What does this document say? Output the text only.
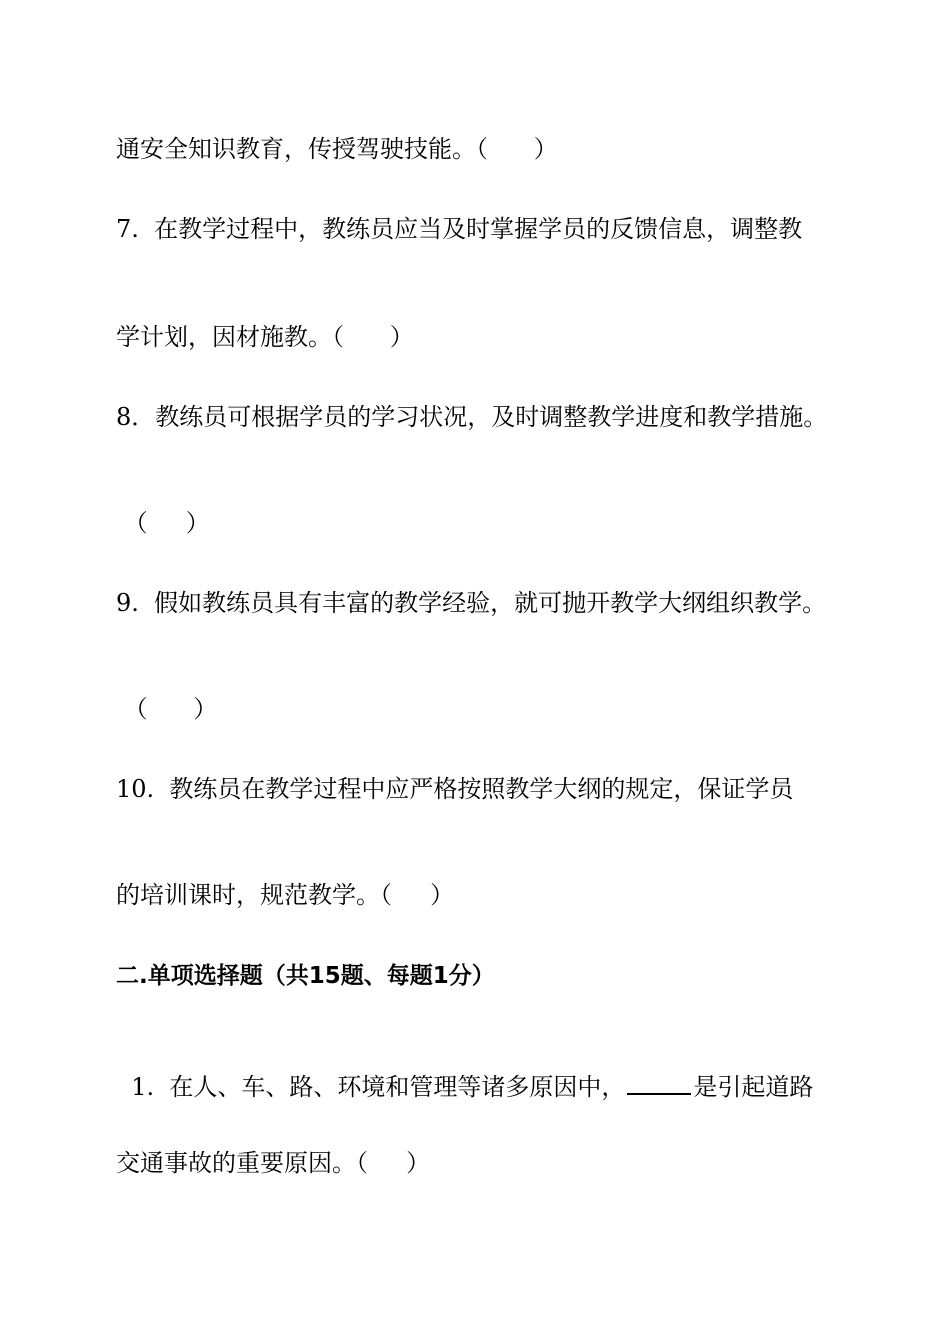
通安全知识教育，传授驾驶技能。（      ）
7.  在教学过程中，教练员应当及时掌握学员的反馈信息，调整教
学计划，因材施教。（      ）
8．教练员可根据学员的学习状况，及时调整教学进度和教学措施。
（     ）
9.  假如教练员具有丰富的教学经验，就可抛开教学大纲组织教学。
（      ）
10.  教练员在教学过程中应严格按照教学大纲的规定，保证学员
的培训课时，规范教学。（     ）
二.单项选择题（共15题、每题1分）

1.  在人、车、路、环境和管理等诸多原因中，	是引起道路

交通事故的重要原因。（     ）
